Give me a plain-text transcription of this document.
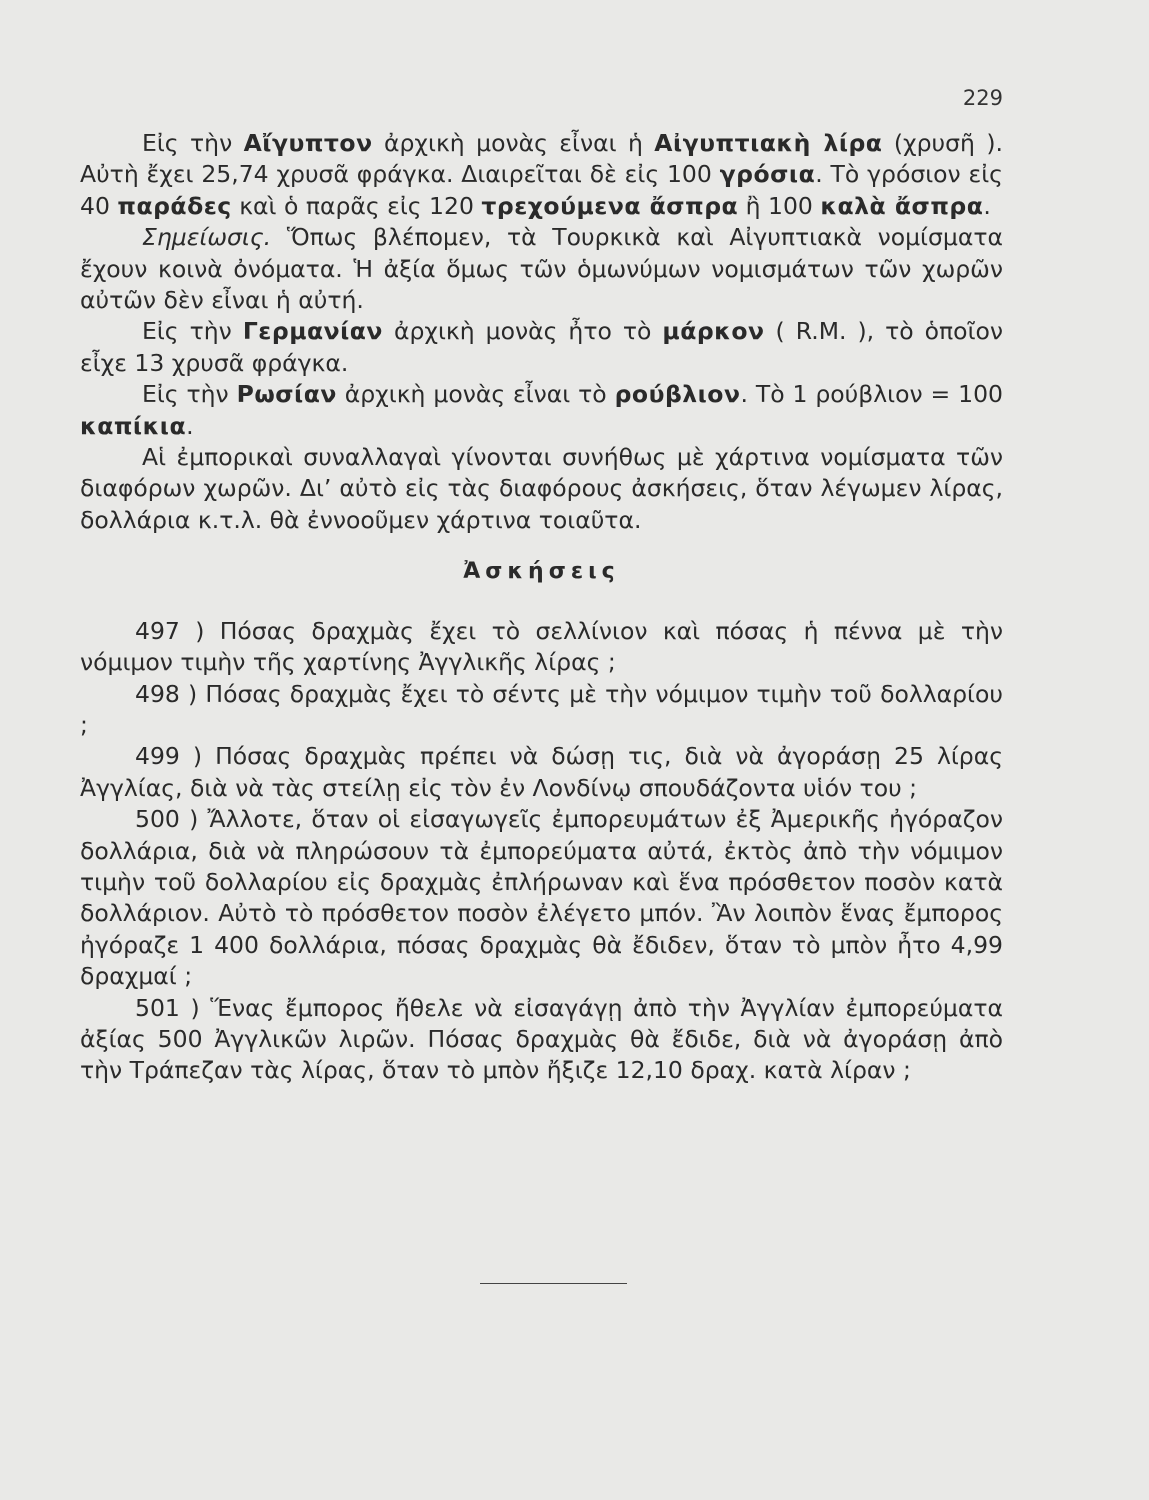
229

Εἰς τὴν Αἴγυπτον ἀρχικὴ μονὰς εἶναι ἡ Αἰγυπτιακὴ λίρα (χρυσῆ ). Αὐτὴ ἔχει 25,74 χρυσᾶ φράγκα. Διαιρεῖται δὲ εἰς 100 γρόσια. Τὸ γρόσιον εἰς 40 παράδες καὶ ὁ παρᾶς εἰς 120 τρεχούμενα ἄσπρα ἢ 100 καλὰ ἄσπρα.

Σημείωσις. Ὅπως βλέπομεν, τὰ Τουρκικὰ καὶ Αἰγυπτιακὰ νομίσματα ἔχουν κοινὰ ὀνόματα. Ἡ ἀξία ὅμως τῶν ὁμωνύμων νομισμάτων τῶν χωρῶν αὐτῶν δὲν εἶναι ἡ αὐτή.

Εἰς τὴν Γερμανίαν ἀρχικὴ μονὰς ἦτο τὸ μάρκον ( R.M. ), τὸ ὁποῖον εἶχε 13 χρυσᾶ φράγκα.

Εἰς τὴν Ρωσίαν ἀρχικὴ μονὰς εἶναι τὸ ρούβλιον. Τὸ 1 ρούβλιον = 100 καπίκια.

Αἱ ἐμπορικαὶ συναλλαγαὶ γίνονται συνήθως μὲ χάρτινα νομίσματα τῶν διαφόρων χωρῶν. Δι’ αὐτὸ εἰς τὰς διαφόρους ἀσκήσεις, ὅταν λέγωμεν λίρας, δολλάρια κ.τ.λ. θὰ ἐννοοῦμεν χάρτινα τοιαῦτα.

Ἀσκήσεις

497 ) Πόσας δραχμὰς ἔχει τὸ σελλίνιον καὶ πόσας ἡ πέννα μὲ τὴν νόμιμον τιμὴν τῆς χαρτίνης Ἀγγλικῆς λίρας ;

498 ) Πόσας δραχμὰς ἔχει τὸ σέντς μὲ τὴν νόμιμον τιμὴν τοῦ δολλαρίου ;

499 ) Πόσας δραχμὰς πρέπει νὰ δώσῃ τις, διὰ νὰ ἀγοράσῃ 25 λίρας Ἀγγλίας, διὰ νὰ τὰς στείλῃ εἰς τὸν ἐν Λονδίνῳ σπουδάζοντα υἱόν του ;

500 ) Ἄλλοτε, ὅταν οἱ εἰσαγωγεῖς ἐμπορευμάτων ἐξ Ἀμερικῆς ἠγόραζον δολλάρια, διὰ νὰ πληρώσουν τὰ ἐμπορεύματα αὐτά, ἐκτὸς ἀπὸ τὴν νόμιμον τιμὴν τοῦ δολλαρίου εἰς δραχμὰς ἐπλήρωναν καὶ ἕνα πρόσθετον ποσὸν κατὰ δολλάριον. Αὐτὸ τὸ πρόσθετον ποσὸν ἐλέγετο μπόν. Ἂν λοιπὸν ἕνας ἔμπορος ἠγόραζε 1 400 δολλάρια, πόσας δραχμὰς θὰ ἔδιδεν, ὅταν τὸ μπὸν ἦτο 4,99 δραχμαί ;

501 ) Ἕνας ἔμπορος ἤθελε νὰ εἰσαγάγῃ ἀπὸ τὴν Ἀγγλίαν ἐμπορεύματα ἀξίας 500 Ἀγγλικῶν λιρῶν. Πόσας δραχμὰς θὰ ἔδιδε, διὰ νὰ ἀγοράσῃ ἀπὸ τὴν Τράπεζαν τὰς λίρας, ὅταν τὸ μπὸν ἤξιζε 12,10 δραχ. κατὰ λίραν ;
